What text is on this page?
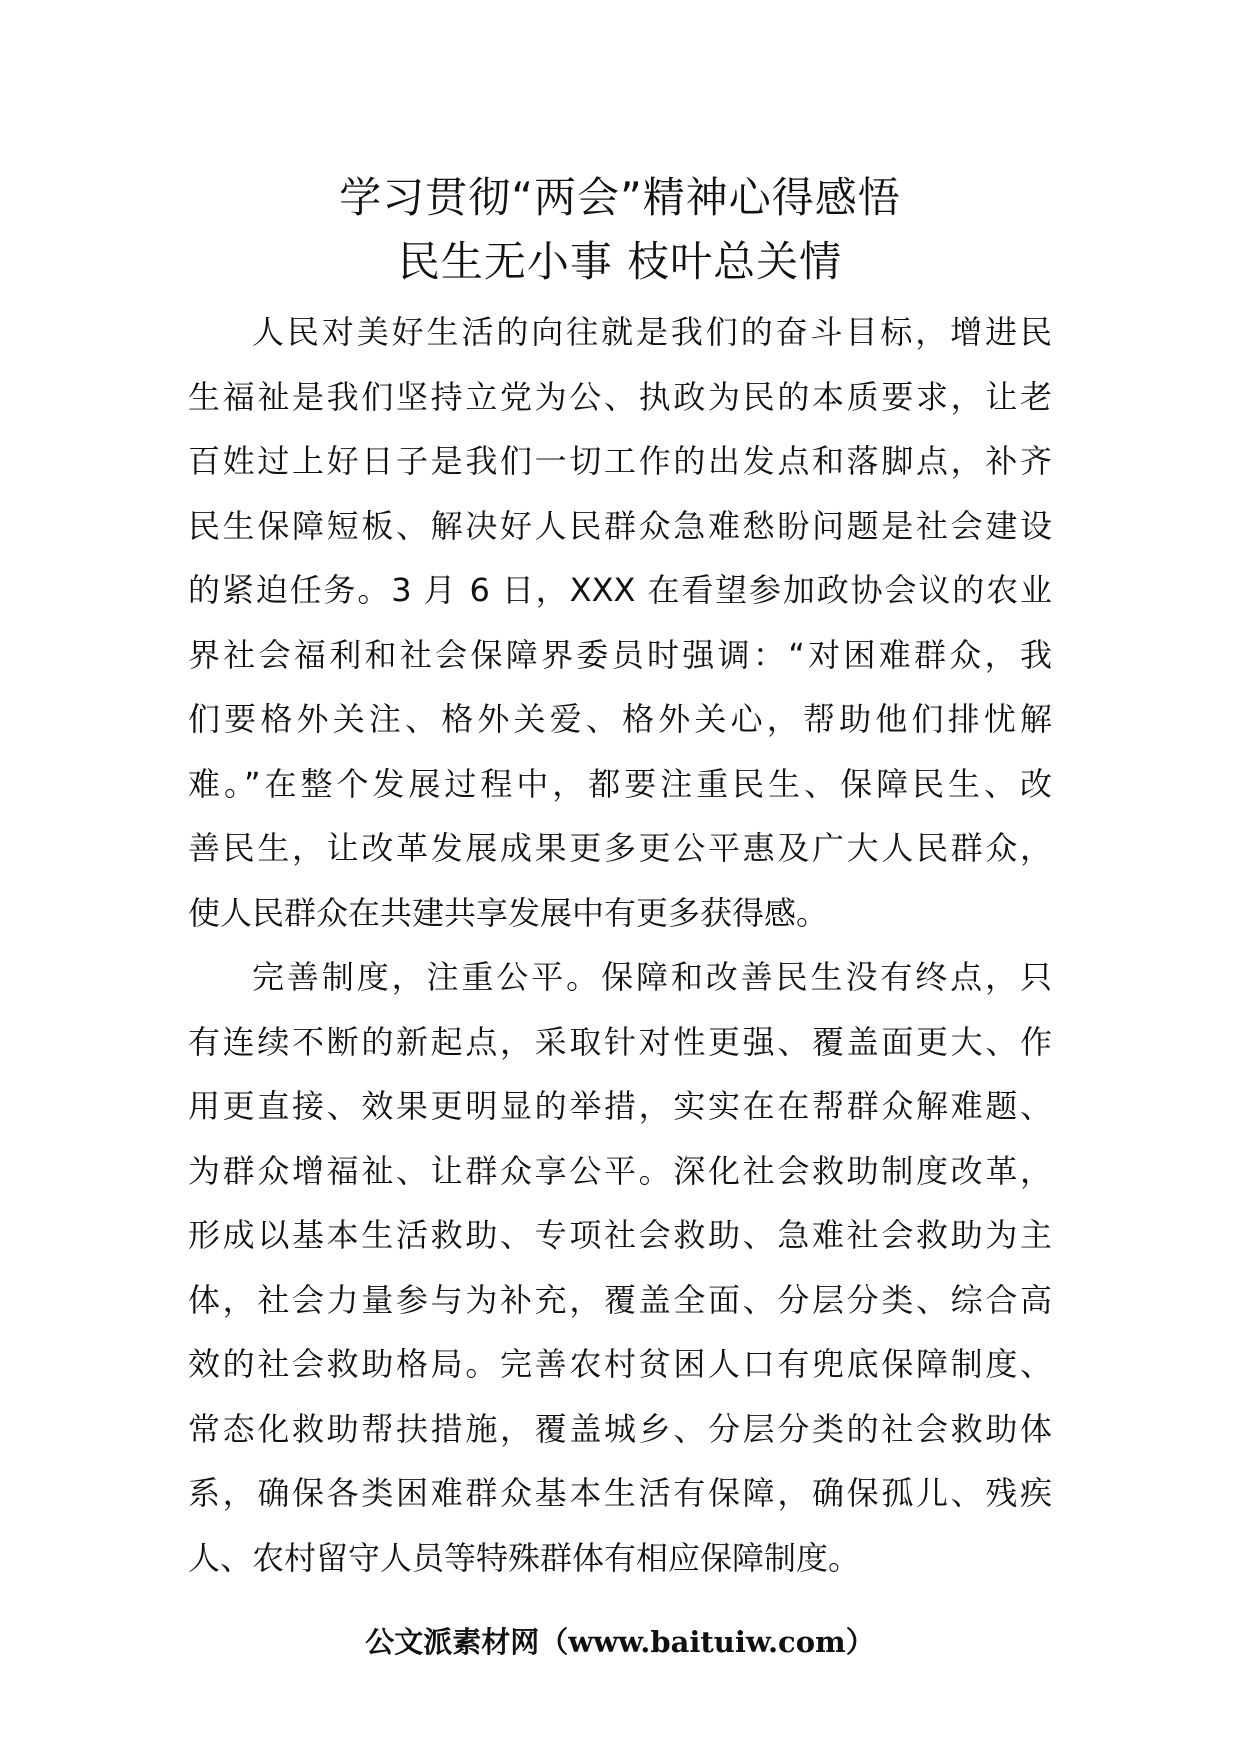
学习贯彻“两会”精神心得感悟
民生无小事 枝叶总关情
人民对美好生活的向往就是我们的奋斗目标，增进民
生福祉是我们坚持立党为公、执政为民的本质要求，让老
百姓过上好日子是我们一切工作的出发点和落脚点，补齐
民生保障短板、解决好人民群众急难愁盼问题是社会建设
的紧迫任务。3 月 6 日，XXX 在看望参加政协会议的农业
界社会福利和社会保障界委员时强调：“对困难群众，我
们要格外关注、格外关爱、格外关心，帮助他们排忧解
难。”在整个发展过程中，都要注重民生、保障民生、改
善民生，让改革发展成果更多更公平惠及广大人民群众，
使人民群众在共建共享发展中有更多获得感。
完善制度，注重公平。保障和改善民生没有终点，只
有连续不断的新起点，采取针对性更强、覆盖面更大、作
用更直接、效果更明显的举措，实实在在帮群众解难题、
为群众增福祉、让群众享公平。深化社会救助制度改革，
形成以基本生活救助、专项社会救助、急难社会救助为主
体，社会力量参与为补充，覆盖全面、分层分类、综合高
效的社会救助格局。完善农村贫困人口有兜底保障制度、
常态化救助帮扶措施，覆盖城乡、分层分类的社会救助体
系，确保各类困难群众基本生活有保障，确保孤儿、残疾
人、农村留守人员等特殊群体有相应保障制度。
公文派素材网（www.baituiw.com）
